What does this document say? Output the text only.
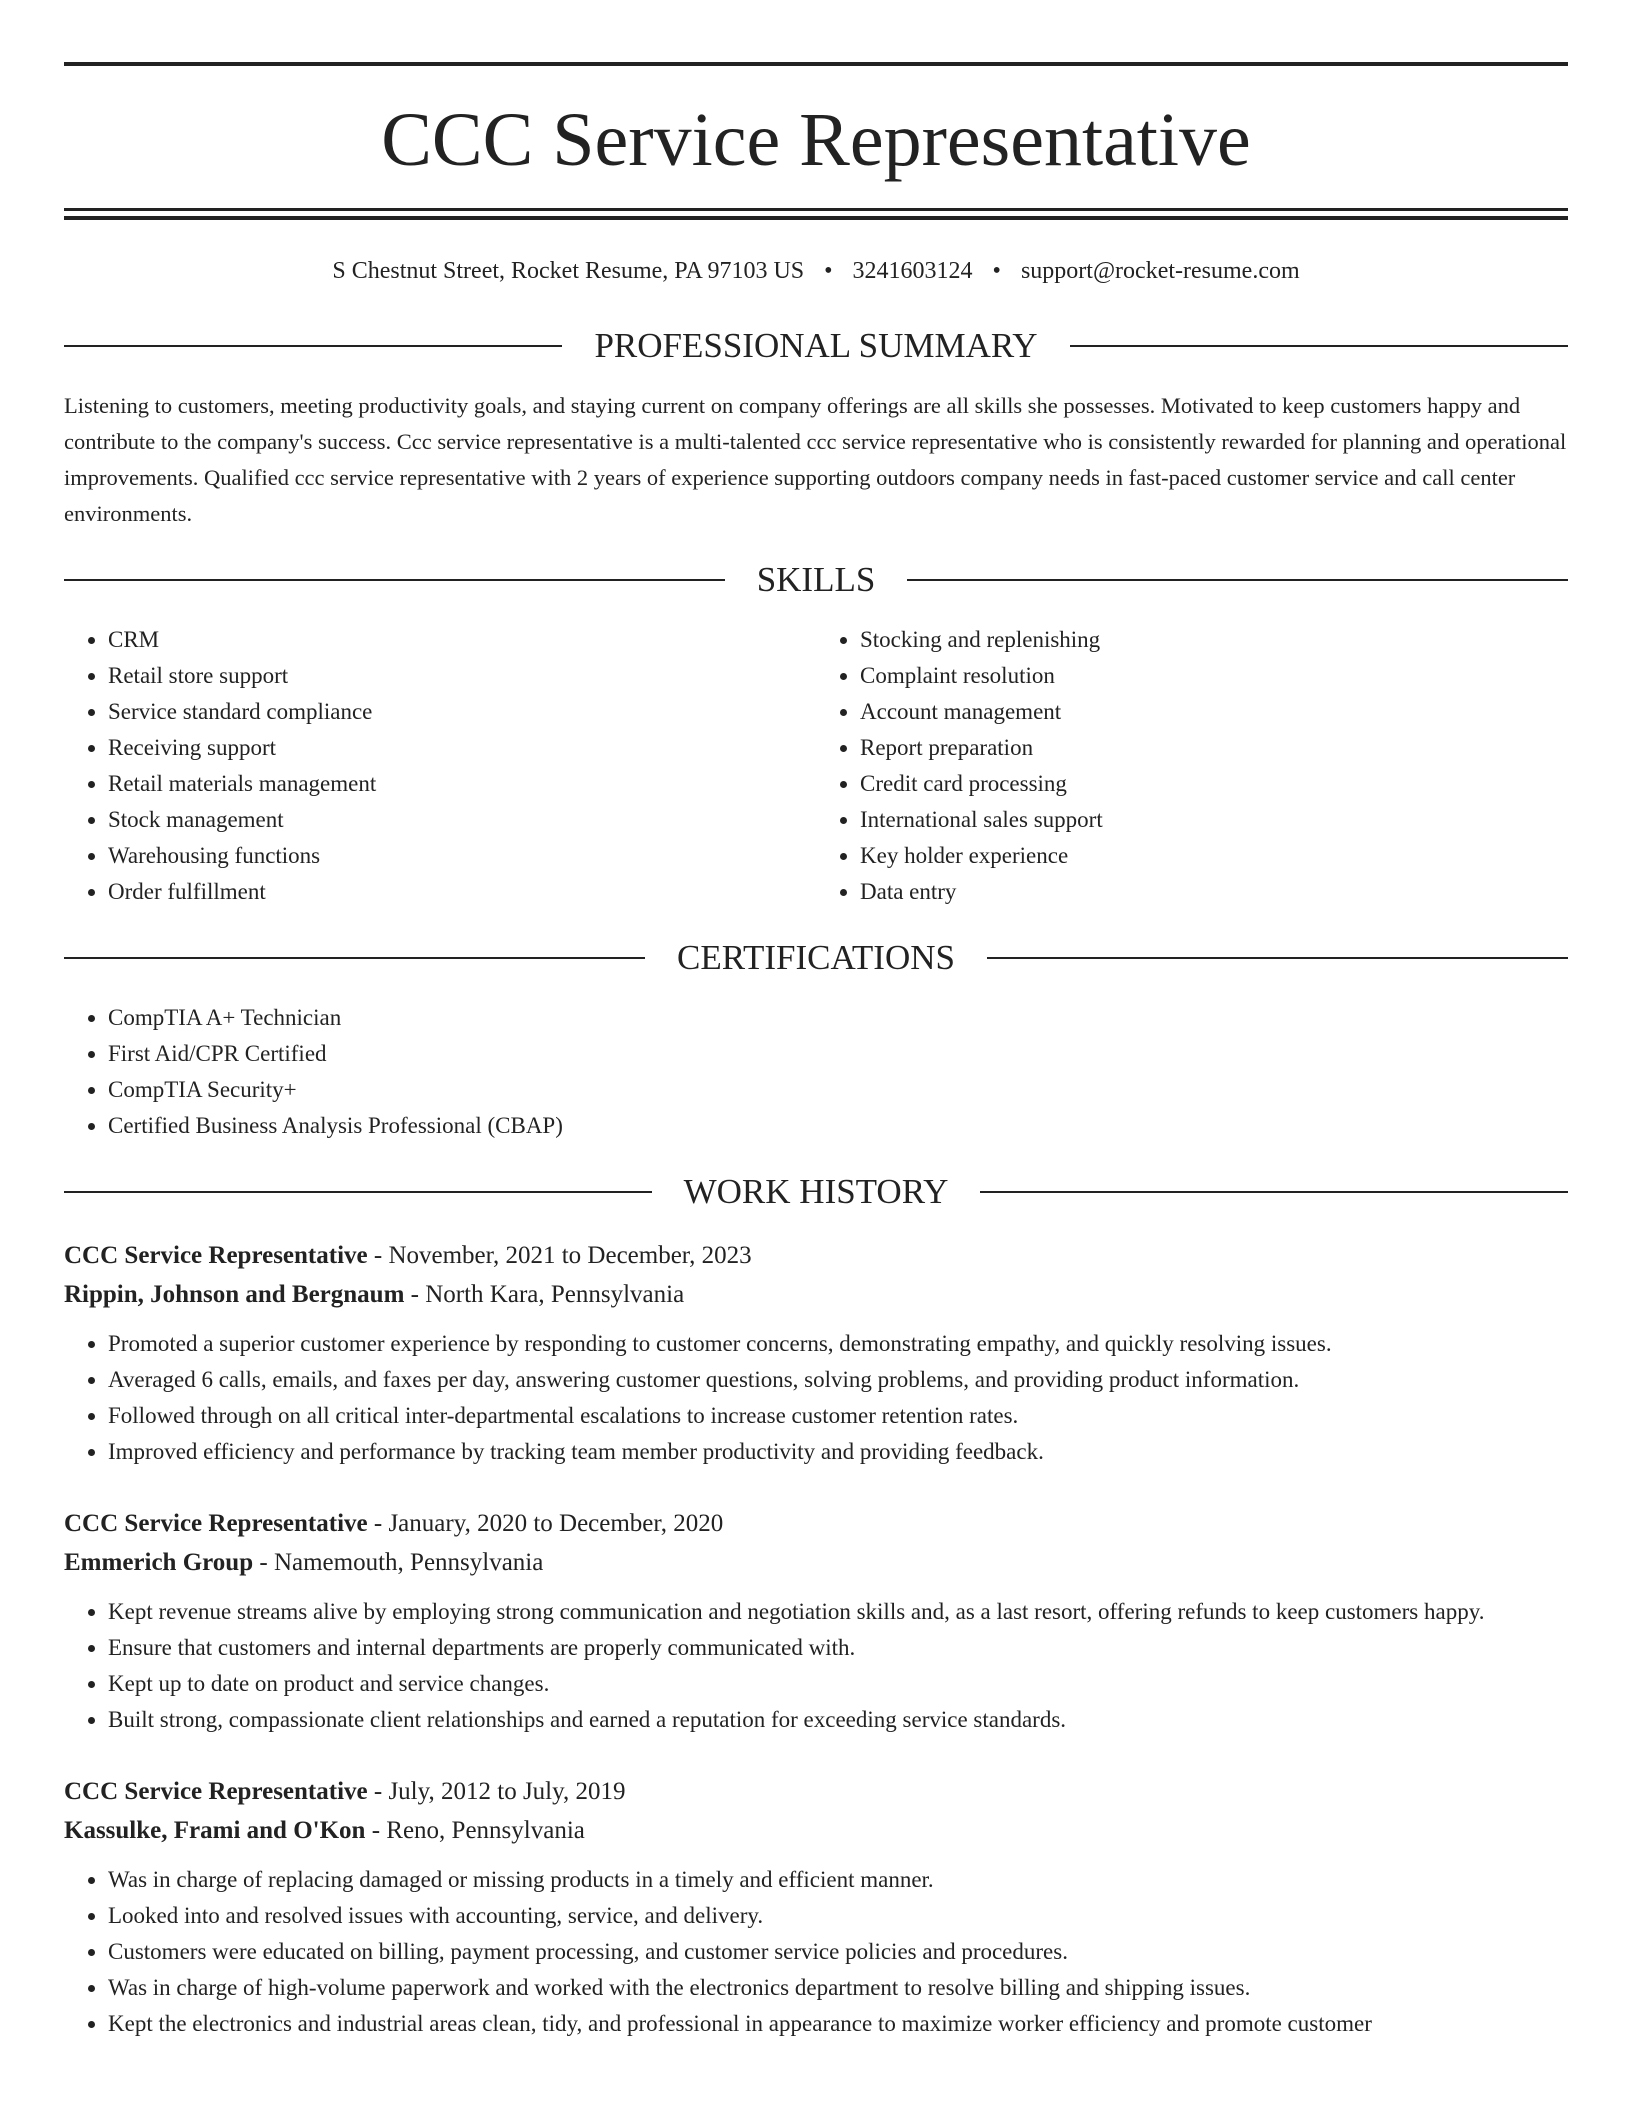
CCC Service Representative
S Chestnut Street, Rocket Resume, PA 97103 US • 3241603124 • support@rocket-resume.com
PROFESSIONAL SUMMARY

Listening to customers, meeting productivity goals, and staying current on company offerings are all skills she possesses. Motivated to keep customers happy and contribute to the company's success. Ccc service representative is a multi-talented ccc service representative who is consistently rewarded for planning and operational improvements. Qualified ccc service representative with 2 years of experience supporting outdoors company needs in fast-paced customer service and call center environments.

SKILLS
• CRM
• Retail store support
• Service standard compliance
• Receiving support
• Retail materials management
• Stock management
• Warehousing functions
• Order fulfillment
• Stocking and replenishing
• Complaint resolution
• Account management
• Report preparation
• Credit card processing
• International sales support
• Key holder experience
• Data entry
CERTIFICATIONS
• CompTIA A+ Technician
• First Aid/CPR Certified
• CompTIA Security+
• Certified Business Analysis Professional (CBAP)
WORK HISTORY
CCC Service Representative - November, 2021 to December, 2023
Rippin, Johnson and Bergnaum - North Kara, Pennsylvania
• Promoted a superior customer experience by responding to customer concerns, demonstrating empathy, and quickly resolving issues.
• Averaged 6 calls, emails, and faxes per day, answering customer questions, solving problems, and providing product information.
• Followed through on all critical inter-departmental escalations to increase customer retention rates.
• Improved efficiency and performance by tracking team member productivity and providing feedback.
CCC Service Representative - January, 2020 to December, 2020
Emmerich Group - Namemouth, Pennsylvania
• Kept revenue streams alive by employing strong communication and negotiation skills and, as a last resort, offering refunds to keep customers happy.
• Ensure that customers and internal departments are properly communicated with.
• Kept up to date on product and service changes.
• Built strong, compassionate client relationships and earned a reputation for exceeding service standards.
CCC Service Representative - July, 2012 to July, 2019
Kassulke, Frami and O'Kon - Reno, Pennsylvania
• Was in charge of replacing damaged or missing products in a timely and efficient manner.
• Looked into and resolved issues with accounting, service, and delivery.
• Customers were educated on billing, payment processing, and customer service policies and procedures.
• Was in charge of high-volume paperwork and worked with the electronics department to resolve billing and shipping issues.
• Kept the electronics and industrial areas clean, tidy, and professional in appearance to maximize worker efficiency and promote customer
